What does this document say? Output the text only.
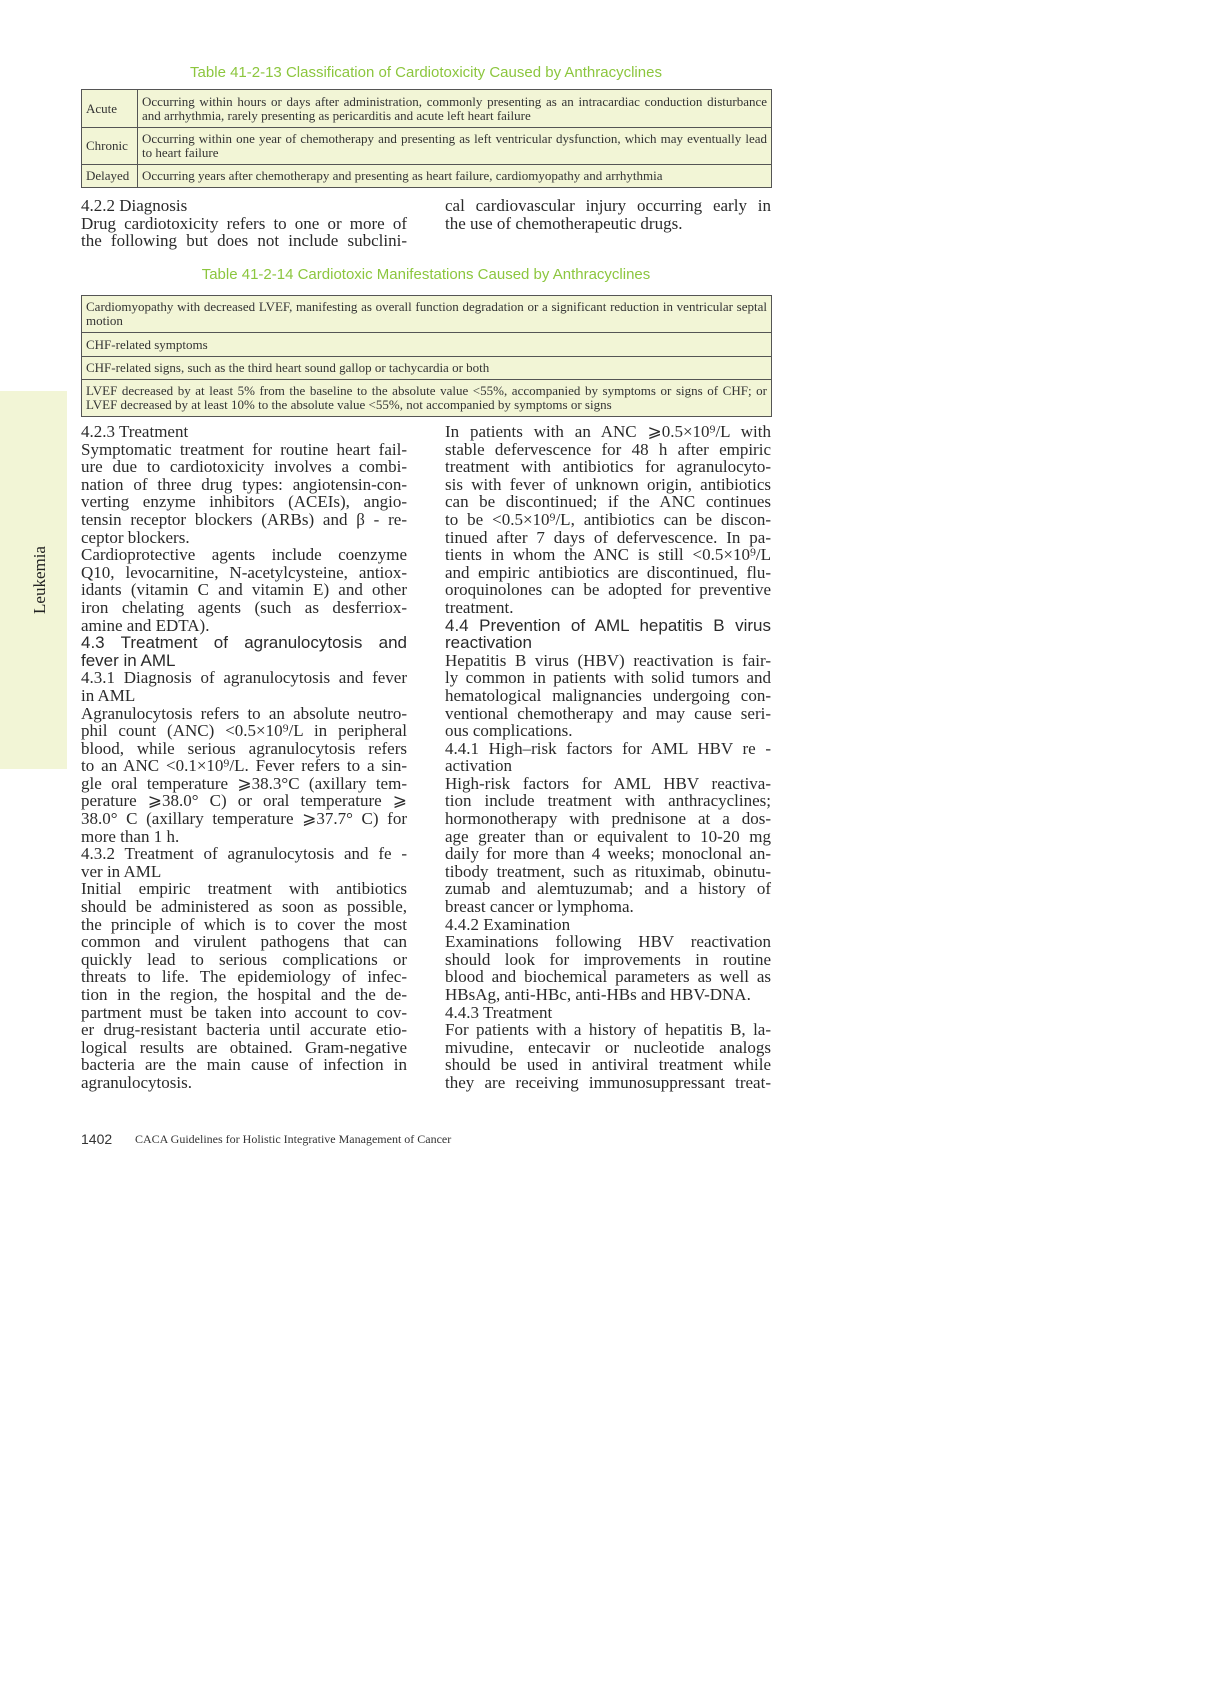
Leukemia
Table 41-2-13 Classification of Cardiotoxicity Caused by Anthracyclines
Acute	Occurring within hours or days after administration, commonly presenting as an intracardiac conduction disturbance and arrhythmia, rarely presenting as pericarditis and acute left heart failure
Chronic	Occurring within one year of chemotherapy and presenting as left ventricular dysfunction, which may eventually lead to heart failure
Delayed	Occurring years after chemotherapy and presenting as heart failure, cardiomyopathy and arrhythmia
4.2.2 Diagnosis
Drug cardiotoxicity refers to one or more of
the following but does not include subclini-
cal cardiovascular injury occurring early in
the use of chemotherapeutic drugs.
Table 41-2-14 Cardiotoxic Manifestations Caused by Anthracyclines
Cardiomyopathy with decreased LVEF, manifesting as overall function degradation or a significant reduction in ventricular septal motion
CHF-related symptoms
CHF-related signs, such as the third heart sound gallop or tachycardia or both
LVEF decreased by at least 5% from the baseline to the absolute value <55%, accompanied by symptoms or signs of CHF; or LVEF decreased by at least 10% to the absolute value <55%, not accompanied by symptoms or signs
4.2.3 Treatment
Symptomatic treatment for routine heart fail-
ure due to cardiotoxicity involves a combi-
nation of three drug types: angiotensin-con-
verting enzyme inhibitors (ACEIs), angio-
tensin receptor blockers (ARBs) and β - re-
ceptor blockers.
Cardioprotective agents include coenzyme
Q10, levocarnitine, N-acetylcysteine, antiox-
idants (vitamin C and vitamin E) and other
iron chelating agents (such as desferriox-
amine and EDTA).
4.3 Treatment of agranulocytosis and
fever in AML
4.3.1 Diagnosis of agranulocytosis and fever
in AML
Agranulocytosis refers to an absolute neutro-
phil count (ANC) <0.5×10⁹/L in peripheral
blood, while serious agranulocytosis refers
to an ANC <0.1×10⁹/L. Fever refers to a sin-
gle oral temperature ⩾38.3°C (axillary tem-
perature ⩾38.0° C) or oral temperature ⩾
38.0° C (axillary temperature ⩾37.7° C) for
more than 1 h.
4.3.2 Treatment of agranulocytosis and fe -
ver in AML
Initial empiric treatment with antibiotics
should be administered as soon as possible,
the principle of which is to cover the most
common and virulent pathogens that can
quickly lead to serious complications or
threats to life. The epidemiology of infec-
tion in the region, the hospital and the de-
partment must be taken into account to cov-
er drug-resistant bacteria until accurate etio-
logical results are obtained. Gram-negative
bacteria are the main cause of infection in
agranulocytosis.
In patients with an ANC ⩾0.5×10⁹/L with
stable defervescence for 48 h after empiric
treatment with antibiotics for agranulocyto-
sis with fever of unknown origin, antibiotics
can be discontinued; if the ANC continues
to be <0.5×10⁹/L, antibiotics can be discon-
tinued after 7 days of defervescence. In pa-
tients in whom the ANC is still <0.5×10⁹/L
and empiric antibiotics are discontinued, flu-
oroquinolones can be adopted for preventive
treatment.
4.4 Prevention of AML hepatitis B virus
reactivation
Hepatitis B virus (HBV) reactivation is fair-
ly common in patients with solid tumors and
hematological malignancies undergoing con-
ventional chemotherapy and may cause seri-
ous complications.
4.4.1 High–risk factors for AML HBV re -
activation
High-risk factors for AML HBV reactiva-
tion include treatment with anthracyclines;
hormonotherapy with prednisone at a dos-
age greater than or equivalent to 10-20 mg
daily for more than 4 weeks; monoclonal an-
tibody treatment, such as rituximab, obinutu-
zumab and alemtuzumab; and a history of
breast cancer or lymphoma.
4.4.2 Examination
Examinations following HBV reactivation
should look for improvements in routine
blood and biochemical parameters as well as
HBsAg, anti-HBc, anti-HBs and HBV-DNA.
4.4.3 Treatment
For patients with a history of hepatitis B, la-
mivudine, entecavir or nucleotide analogs
should be used in antiviral treatment while
they are receiving immunosuppressant treat-
1402 CACA Guidelines for Holistic Integrative Management of Cancer
